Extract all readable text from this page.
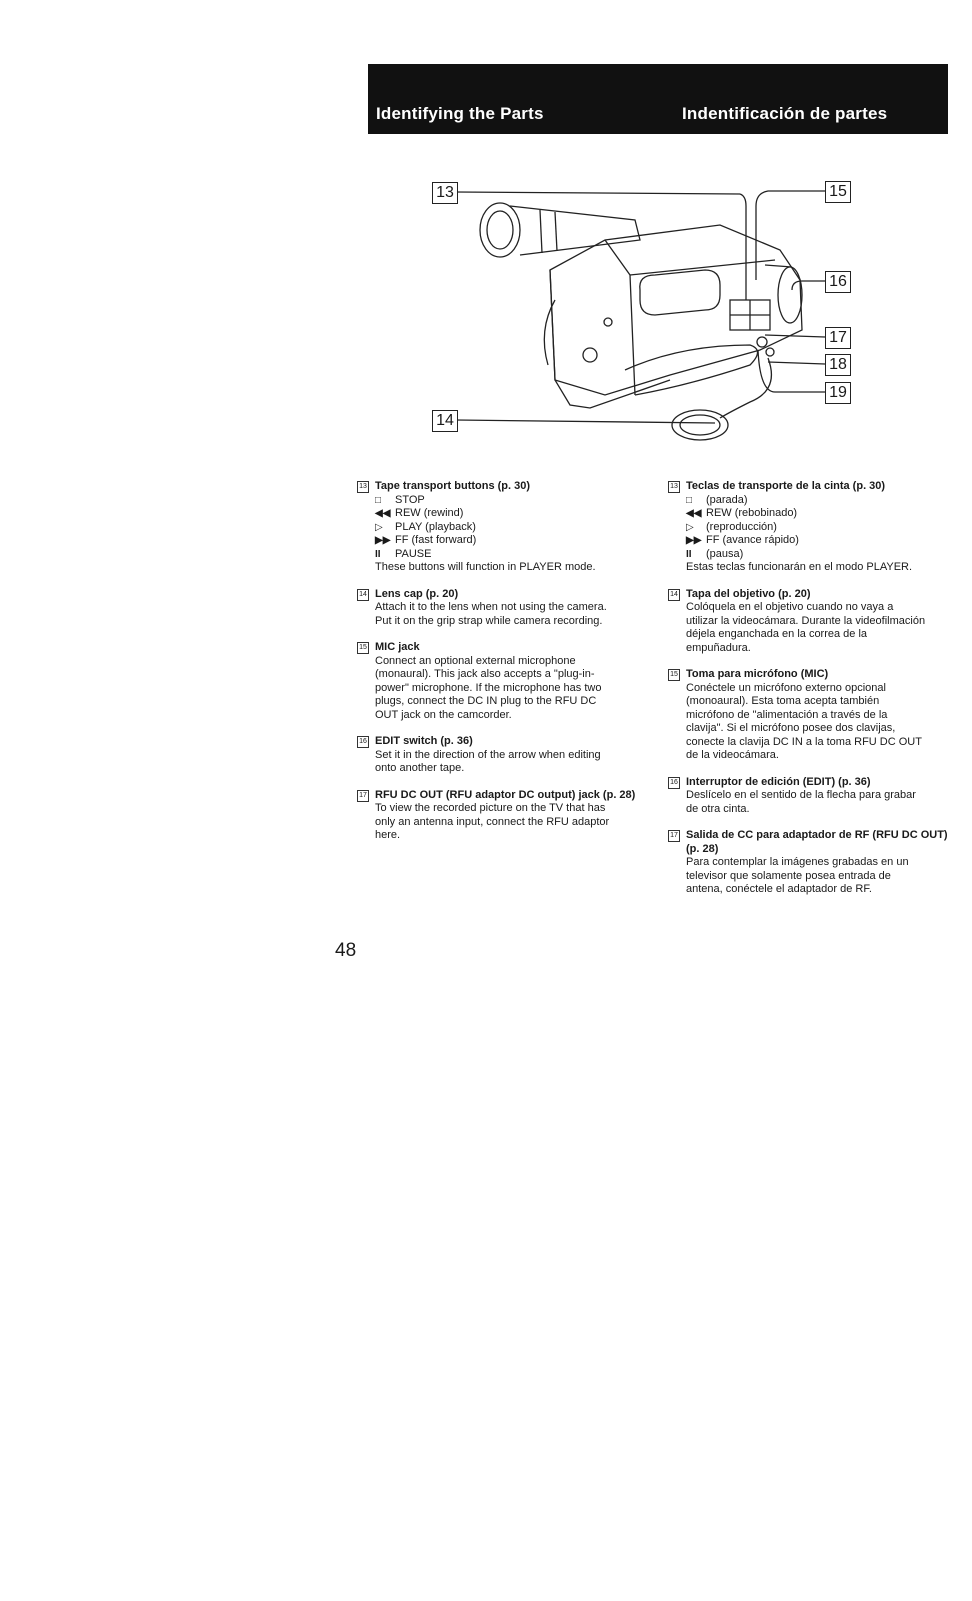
Identifying the Parts	Indentificación de partes
13
14
15
16
17
18
19
13 Tape transport buttons (p. 30)
□ STOP
◀◀ REW (rewind)
▷ PLAY (playback)
▶▶ FF (fast forward)
II PAUSE
These buttons will function in PLAYER mode.
14 Lens cap (p. 20)
Attach it to the lens when not using the camera.
Put it on the grip strap while camera recording.
15 MIC jack
Connect an optional external microphone
(monaural). This jack also accepts a "plug-in-
power" microphone. If the microphone has two
plugs, connect the DC IN plug to the RFU DC
OUT jack on the camcorder.
16 EDIT switch (p. 36)
Set it in the direction of the arrow when editing
onto another tape.
17 RFU DC OUT (RFU adaptor DC output) jack (p. 28)
To view the recorded picture on the TV that has
only an antenna input, connect the RFU adaptor
here.
13 Teclas de transporte de la cinta (p. 30)
□ (parada)
◀◀ REW (rebobinado)
▷ (reproducción)
▶▶ FF (avance rápido)
II (pausa)
Estas teclas funcionarán en el modo PLAYER.
14 Tapa del objetivo (p. 20)
Colóquela en el objetivo cuando no vaya a
utilizar la videocámara. Durante la videofilmación
déjela enganchada en la correa de la
empuñadura.
15 Toma para micrófono (MIC)
Conéctele un micrófono externo opcional
(monoaural). Esta toma acepta también
micrófono de "alimentación a través de la
clavija". Si el micrófono posee dos clavijas,
conecte la clavija DC IN a la toma RFU DC OUT
de la videocámara.
16 Interruptor de edición (EDIT) (p. 36)
Deslícelo en el sentido de la flecha para grabar
de otra cinta.
17 Salida de CC para adaptador de RF (RFU DC OUT) (p. 28)
Para contemplar la imágenes grabadas en un
televisor que solamente posea entrada de
antena, conéctele el adaptador de RF.
48
